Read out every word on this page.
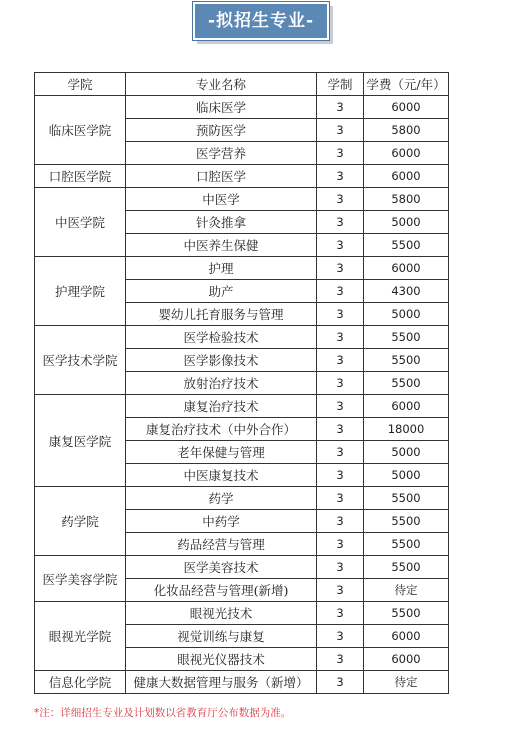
-拟招生专业-
学院	专业名称	学制	学费（元/年）
临床医学院	临床医学	3	6000
	预防医学	3	5800
	医学营养	3	6000
口腔医学院	口腔医学	3	6000
中医学院	中医学	3	5800
	针灸推拿	3	5000
	中医养生保健	3	5500
护理学院	护理	3	6000
	助产	3	4300
	婴幼儿托育服务与管理	3	5000
医学技术学院	医学检验技术	3	5500
	医学影像技术	3	5500
	放射治疗技术	3	5500
康复医学院	康复治疗技术	3	6000
	康复治疗技术（中外合作）	3	18000
	老年保健与管理	3	5000
	中医康复技术	3	5000
药学院	药学	3	5500
	中药学	3	5500
	药品经营与管理	3	5500
医学美容学院	医学美容技术	3	5500
	化妆品经营与管理(新增)	3	待定
眼视光学院	眼视光技术	3	5500
	视觉训练与康复	3	6000
	眼视光仪器技术	3	6000
信息化学院	健康大数据管理与服务（新增）	3	待定
*注：详细招生专业及计划数以省教育厅公布数据为准。
